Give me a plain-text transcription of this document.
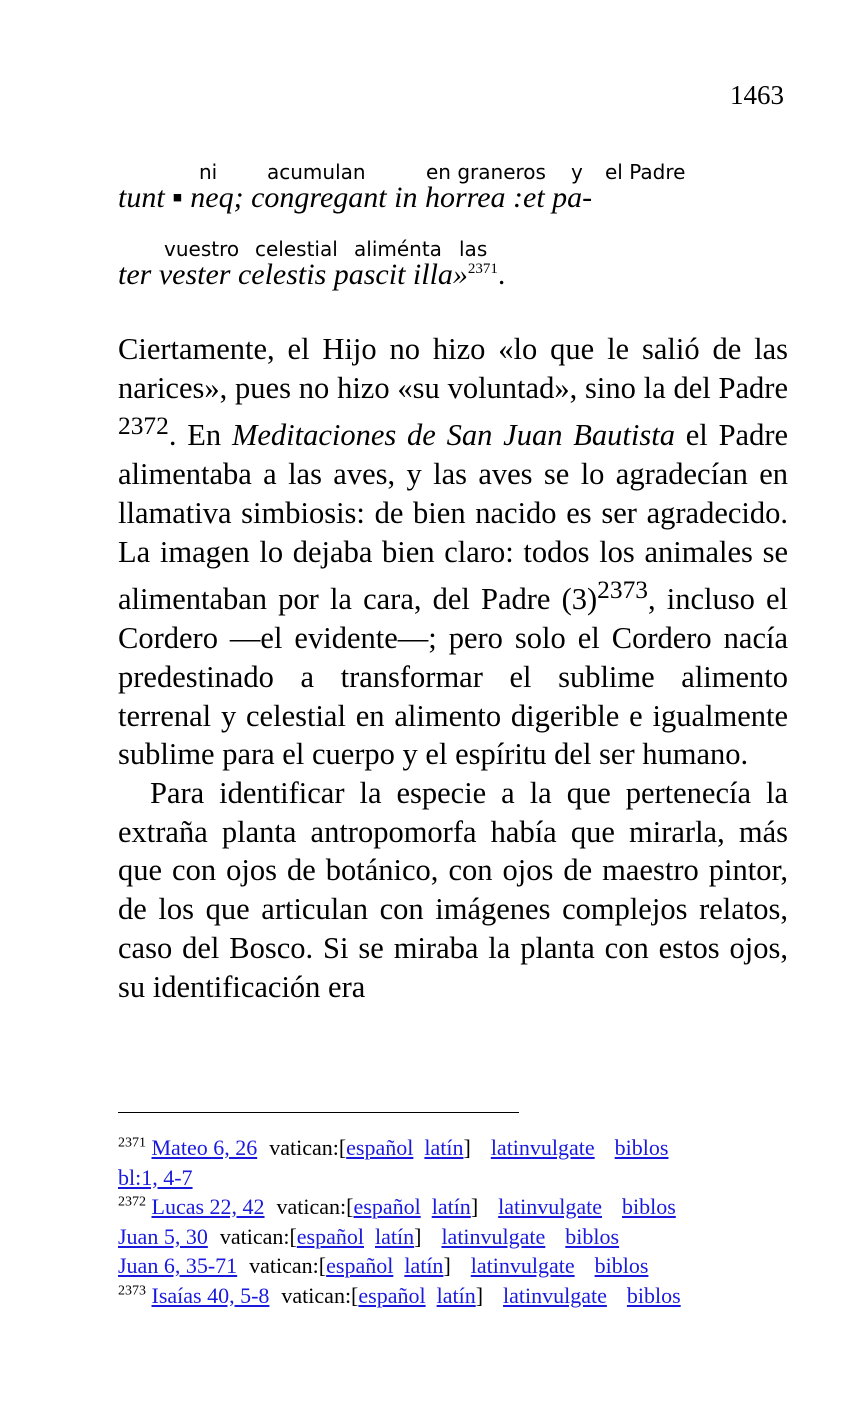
1463
ni acumulan	en graneros y el Padre
tunt ▪ neq; congregant in horrea :et pa-
vuestro celestial aliménta las
ter vester celestis pascit illa»$^{2371}$.

Ciertamente, el Hijo no hizo «lo que le salió de las narices», pues no hizo «su voluntad», sino la del Padre $^{2372}$. En Meditaciones de San Juan Bautista el Padre alimentaba a las aves, y las aves se lo agradecían en llamativa simbiosis: de bien nacido es ser agradecido. La imagen lo dejaba bien claro: todos los animales se alimentaban por la cara, del Padre $(3)^{2373}$, incluso el Cordero ―el evidente―; pero solo el Cordero nacía predestinado a transformar el sublime alimento terrenal y celestial en alimento digerible e igualmente sublime para el cuerpo y el espíritu del ser humano.

Para identificar la especie a la que pertenecía la extraña planta antropomorfa había que mirarla, más que con ojos de botánico, con ojos de maestro pintor, de los que articulan con imágenes complejos relatos, caso del Bosco. Si se miraba la planta con estos ojos, su identificación era

$^{2371}$ Mateo 6, 26 vatican:[español latín] latinvulgate biblos
bl:1, 4-7
$^{2372}$ Lucas 22, 42 vatican:[español latín] latinvulgate biblos
Juan 5, 30 vatican:[español latín] latinvulgate biblos
Juan 6, 35-71 vatican:[español latín] latinvulgate biblos
$^{2373}$ Isaías 40, 5-8 vatican:[español latín] latinvulgate biblos
